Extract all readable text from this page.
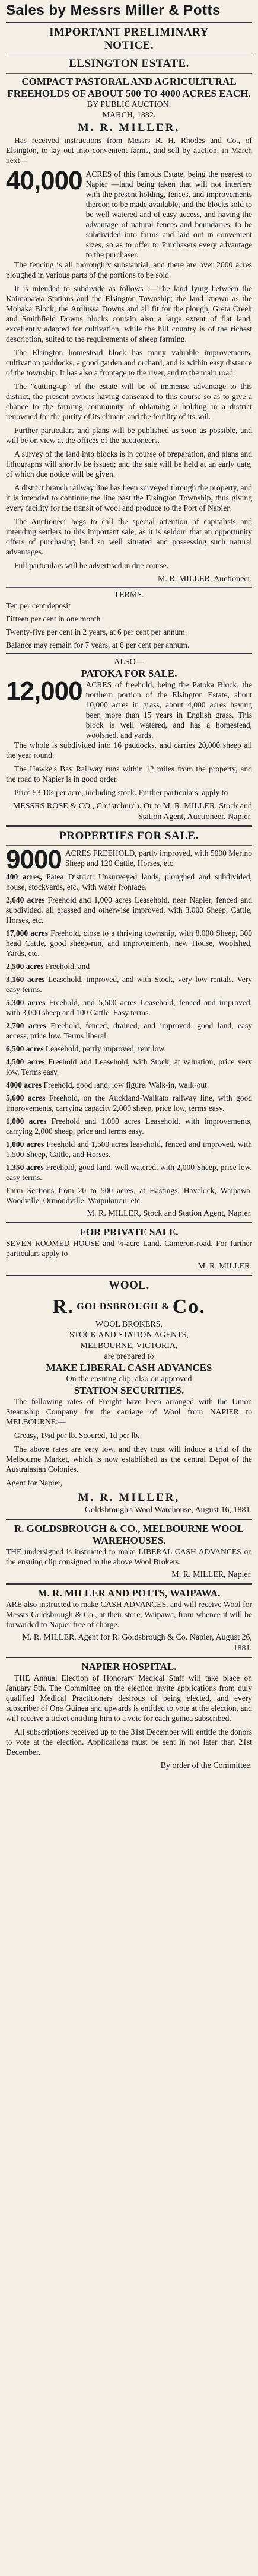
Sales by Messrs Miller & Potts
IMPORTANT PRELIMINARY
NOTICE.
ELSINGTON ESTATE.
COMPACT PASTORAL AND AGRICULTURAL FREEHOLDS OF ABOUT 500 TO 4000 ACRES EACH.
BY PUBLIC AUCTION.
MARCH, 1882.
M. R. MILLER,

Has received instructions from Messrs R. H. Rhodes and Co., of Elsington, to lay out into convenient farms, and sell by auction, in March next—

40,000 ACRES of this famous Estate, being the nearest to Napier —land being taken that will not interfere with the present holding, fences, and improvements thereon to be made available, and the blocks sold to be well watered and of easy access, and having the advantage of natural fences and boundaries, to be subdivided into farms and laid out in convenient sizes, so as to offer to Purchasers every advantage to the purchaser.

The fencing is all thoroughly substantial, and there are over 2000 acres ploughed in various parts of the portions to be sold.

It is intended to subdivide as follows :—The land lying between the Kaimanawa Stations and the Elsington Township; the land known as the Mohaka Block; the Ardlussa Downs and all fit for the plough, Greta Creek and Smithfield Downs blocks contain also a large extent of flat land, excellently adapted for cultivation, while the hill country is of the richest description, suited to the requirements of sheep farming.

The Elsington homestead block has many valuable improvements, cultivation paddocks, a good garden and orchard, and is within easy distance of the township. It has also a frontage to the river, and to the main road.

The "cutting-up" of the estate will be of immense advantage to this district, the present owners having consented to this course so as to give a chance to the farming community of obtaining a holding in a district renowned for the purity of its climate and the fertility of its soil.

Further particulars and plans will be published as soon as possible, and will be on view at the offices of the auctioneers.

A survey of the land into blocks is in course of preparation, and plans and lithographs will shortly be issued; and the sale will be held at an early date, of which due notice will be given.

A district branch railway line has been surveyed through the property, and it is intended to continue the line past the Elsington Township, thus giving every facility for the transit of wool and produce to the Port of Napier.

The Auctioneer begs to call the special attention of capitalists and intending settlers to this important sale, as it is seldom that an opportunity offers of purchasing land so well situated and possessing such natural advantages.

Full particulars will be advertised in due course.

M. R. MILLER, Auctioneer.
TERMS.
Ten per cent deposit
Fifteen per cent in one month
Twenty-five per cent in 2 years, at 6 per cent per annum.
Balance may remain for 7 years, at 6 per cent per annum.
ALSO—
PATOKA FOR SALE.
12,000 ACRES of freehold, being the Patoka Block, the northern portion of the Elsington Estate, about 10,000 acres in grass, about 4,000 acres having been more than 15 years in English grass. This block is well watered, and has a homestead, woolshed, and yards.

The whole is subdivided into 16 paddocks, and carries 20,000 sheep all the year round.

The Hawke's Bay Railway runs within 12 miles from the property, and the road to Napier is in good order.

Price £3 10s per acre, including stock. Further particulars, apply to

MESSRS ROSE & CO., Christchurch. Or to M. R. MILLER, Stock and Station Agent, Auctioneer, Napier.
PROPERTIES FOR SALE.
9000 ACRES FREEHOLD, partly improved, with 5000 Merino Sheep and 120 Cattle, Horses, etc.
400 acres, Patea District. Unsurveyed lands, ploughed and subdivided, house, stockyards, etc., with water frontage.
2,640 acres Freehold and 1,000 acres Leasehold, near Napier, fenced and subdivided, all grassed and otherwise improved, with 3,000 Sheep, Cattle, Horses, etc.
17,000 acres Freehold, close to a thriving township, with 8,000 Sheep, 300 head Cattle, good sheep-run, and improvements, new House, Woolshed, Yards, etc.
2,500 acres Freehold, and
3,160 acres Leasehold, improved, and with Stock, very low rentals. Very easy terms.
5,300 acres Freehold, and 5,500 acres Leasehold, fenced and improved, with 3,000 sheep and 100 Cattle. Easy terms.
2,700 acres Freehold, fenced, drained, and improved, good land, easy access, price low. Terms liberal.
6,500 acres Leasehold, partly improved, rent low.
4,500 acres Freehold and Leasehold, with Stock, at valuation, price very low. Terms easy.
4000 acres Freehold, good land, low figure. Walk-in, walk-out.
5,600 acres Freehold, on the Auckland-Waikato railway line, with good improvements, carrying capacity 2,000 sheep, price low, terms easy.
1,000 acres Freehold and 1,000 acres Leasehold, with improvements, carrying 2,000 sheep, price and terms easy.
1,000 acres Freehold and 1,500 acres leasehold, fenced and improved, with 1,500 Sheep, Cattle, and Horses.
1,350 acres Freehold, good land, well watered, with 2,000 Sheep, price low, easy terms.
Farm Sections from 20 to 500 acres, at Hastings, Havelock, Waipawa, Woodville, Ormondville, Waipukurau, etc.
M. R. MILLER, Stock and Station Agent, Napier.
FOR PRIVATE SALE.
SEVEN ROOMED HOUSE and ½-acre Land, Cameron-road. For further particulars apply to
M. R. MILLER.
WOOL.
R. GOLDSBROUGH & Co.
WOOL BROKERS,
STOCK AND STATION AGENTS,
MELBOURNE, VICTORIA,
are prepared to
MAKE LIBERAL CASH ADVANCES
On the ensuing clip, also on approved
STATION SECURITIES.

The following rates of Freight have been arranged with the Union Steamship Company for the carriage of Wool from NAPIER to MELBOURNE:—

Greasy, 1½d per lb. Scoured, 1d per lb.

The above rates are very low, and they trust will induce a trial of the Melbourne Market, which is now established as the central Depot of the Australasian Colonies.

Agent for Napier,
M. R. MILLER,
Goldsbrough's Wool Warehouse, August 16, 1881.
R. GOLDSBROUGH & CO., MELBOURNE WOOL WAREHOUSES.
THE undersigned is instructed to make LIBERAL CASH ADVANCES on the ensuing clip consigned to the above Wool Brokers.
M. R. MILLER, Napier.
M. R. MILLER AND POTTS, WAIPAWA.
ARE also instructed to make CASH ADVANCES, and will receive Wool for Messrs Goldsbrough & Co., at their store, Waipawa, from whence it will be forwarded to Napier free of charge.
M. R. MILLER, Agent for R. Goldsbrough & Co. Napier, August 26, 1881.
NAPIER HOSPITAL.

THE Annual Election of Honorary Medical Staff will take place on January 5th. The Committee on the election invite applications from duly qualified Medical Practitioners desirous of being elected, and every subscriber of One Guinea and upwards is entitled to vote at the election, and will receive a ticket entitling him to a vote for each guinea subscribed.

All subscriptions received up to the 31st December will entitle the donors to vote at the election. Applications must be sent in not later than 21st December.

By order of the Committee.
